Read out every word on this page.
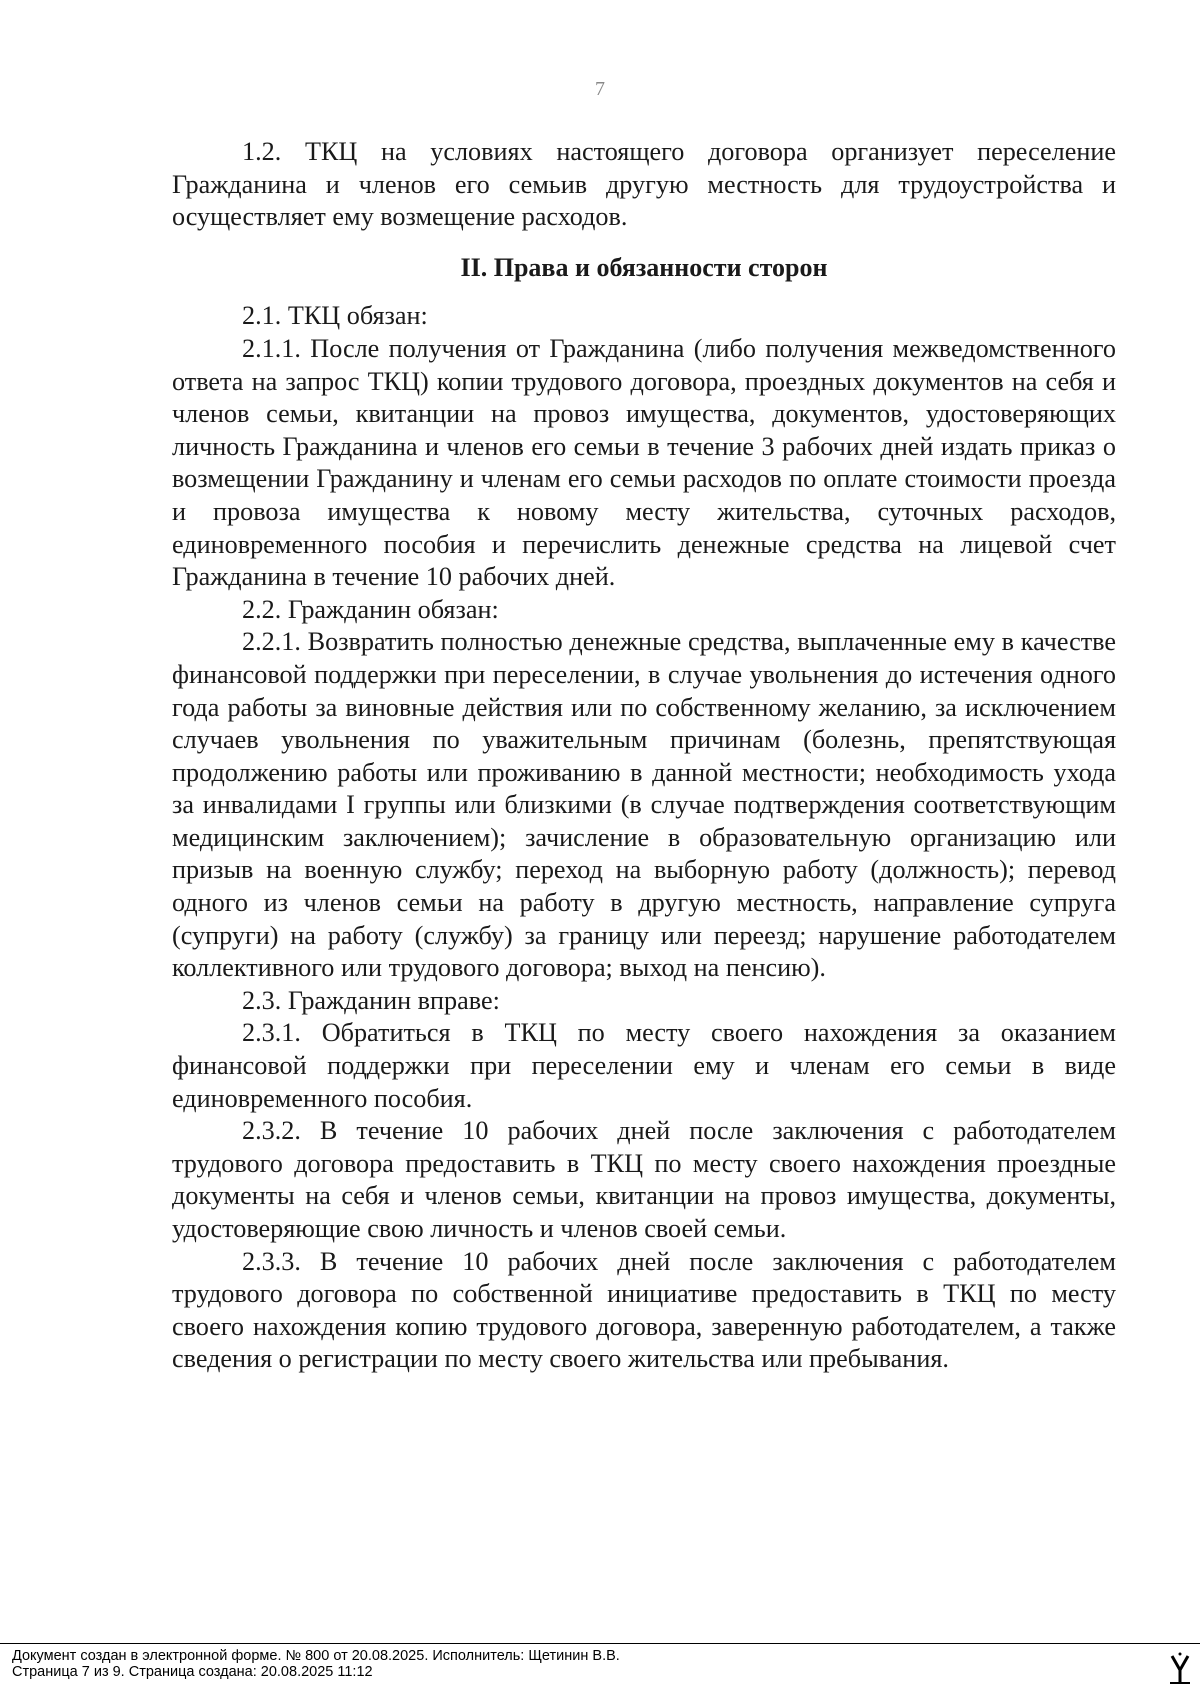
7

1.2. ТКЦ на условиях настоящего договора организует переселение Гражданина и членов его семьив другую местность для трудоустройства и осуществляет ему возмещение расходов.

II. Права и обязанности сторон

2.1. ТКЦ обязан:

2.1.1. После получения от Гражданина (либо получения межведомственного ответа на запрос ТКЦ) копии трудового договора, проездных документов на себя и членов семьи, квитанции на провоз имущества, документов, удостоверяющих личность Гражданина и членов его семьи в течение 3 рабочих дней издать приказ о возмещении Гражданину и членам его семьи расходов по оплате стоимости проезда и провоза имущества к новому месту жительства, суточных расходов, единовременного пособия и перечислить денежные средства на лицевой счет Гражданина в течение 10 рабочих дней.

2.2. Гражданин обязан:

2.2.1. Возвратить полностью денежные средства, выплаченные ему в качестве финансовой поддержки при переселении, в случае увольнения до истечения одного года работы за виновные действия или по собственному желанию, за исключением случаев увольнения по уважительным причинам (болезнь, препятствующая продолжению работы или проживанию в данной местности; необходимость ухода за инвалидами I группы или близкими (в случае подтверждения соответствующим медицинским заключением); зачисление в образовательную организацию или призыв на военную службу; переход на выборную работу (должность); перевод одного из членов семьи на работу в другую местность, направление супруга (супруги) на работу (службу) за границу или переезд; нарушение работодателем коллективного или трудового договора; выход на пенсию).

2.3. Гражданин вправе:

2.3.1. Обратиться в ТКЦ по месту своего нахождения за оказанием финансовой поддержки при переселении ему и членам его семьи в виде единовременного пособия.

2.3.2. В течение 10 рабочих дней после заключения с работодателем трудового договора предоставить в ТКЦ по месту своего нахождения проездные документы на себя и членов семьи, квитанции на провоз имущества, документы, удостоверяющие свою личность и членов своей семьи.

2.3.3. В течение 10 рабочих дней после заключения с работодателем трудового договора по собственной инициативе предоставить в ТКЦ по месту своего нахождения копию трудового договора, заверенную работодателем, а также сведения о регистрации по месту своего жительства или пребывания.

Документ создан в электронной форме. № 800 от 20.08.2025. Исполнитель: Щетинин В.В.
Страница 7 из 9. Страница создана: 20.08.2025 11:12
